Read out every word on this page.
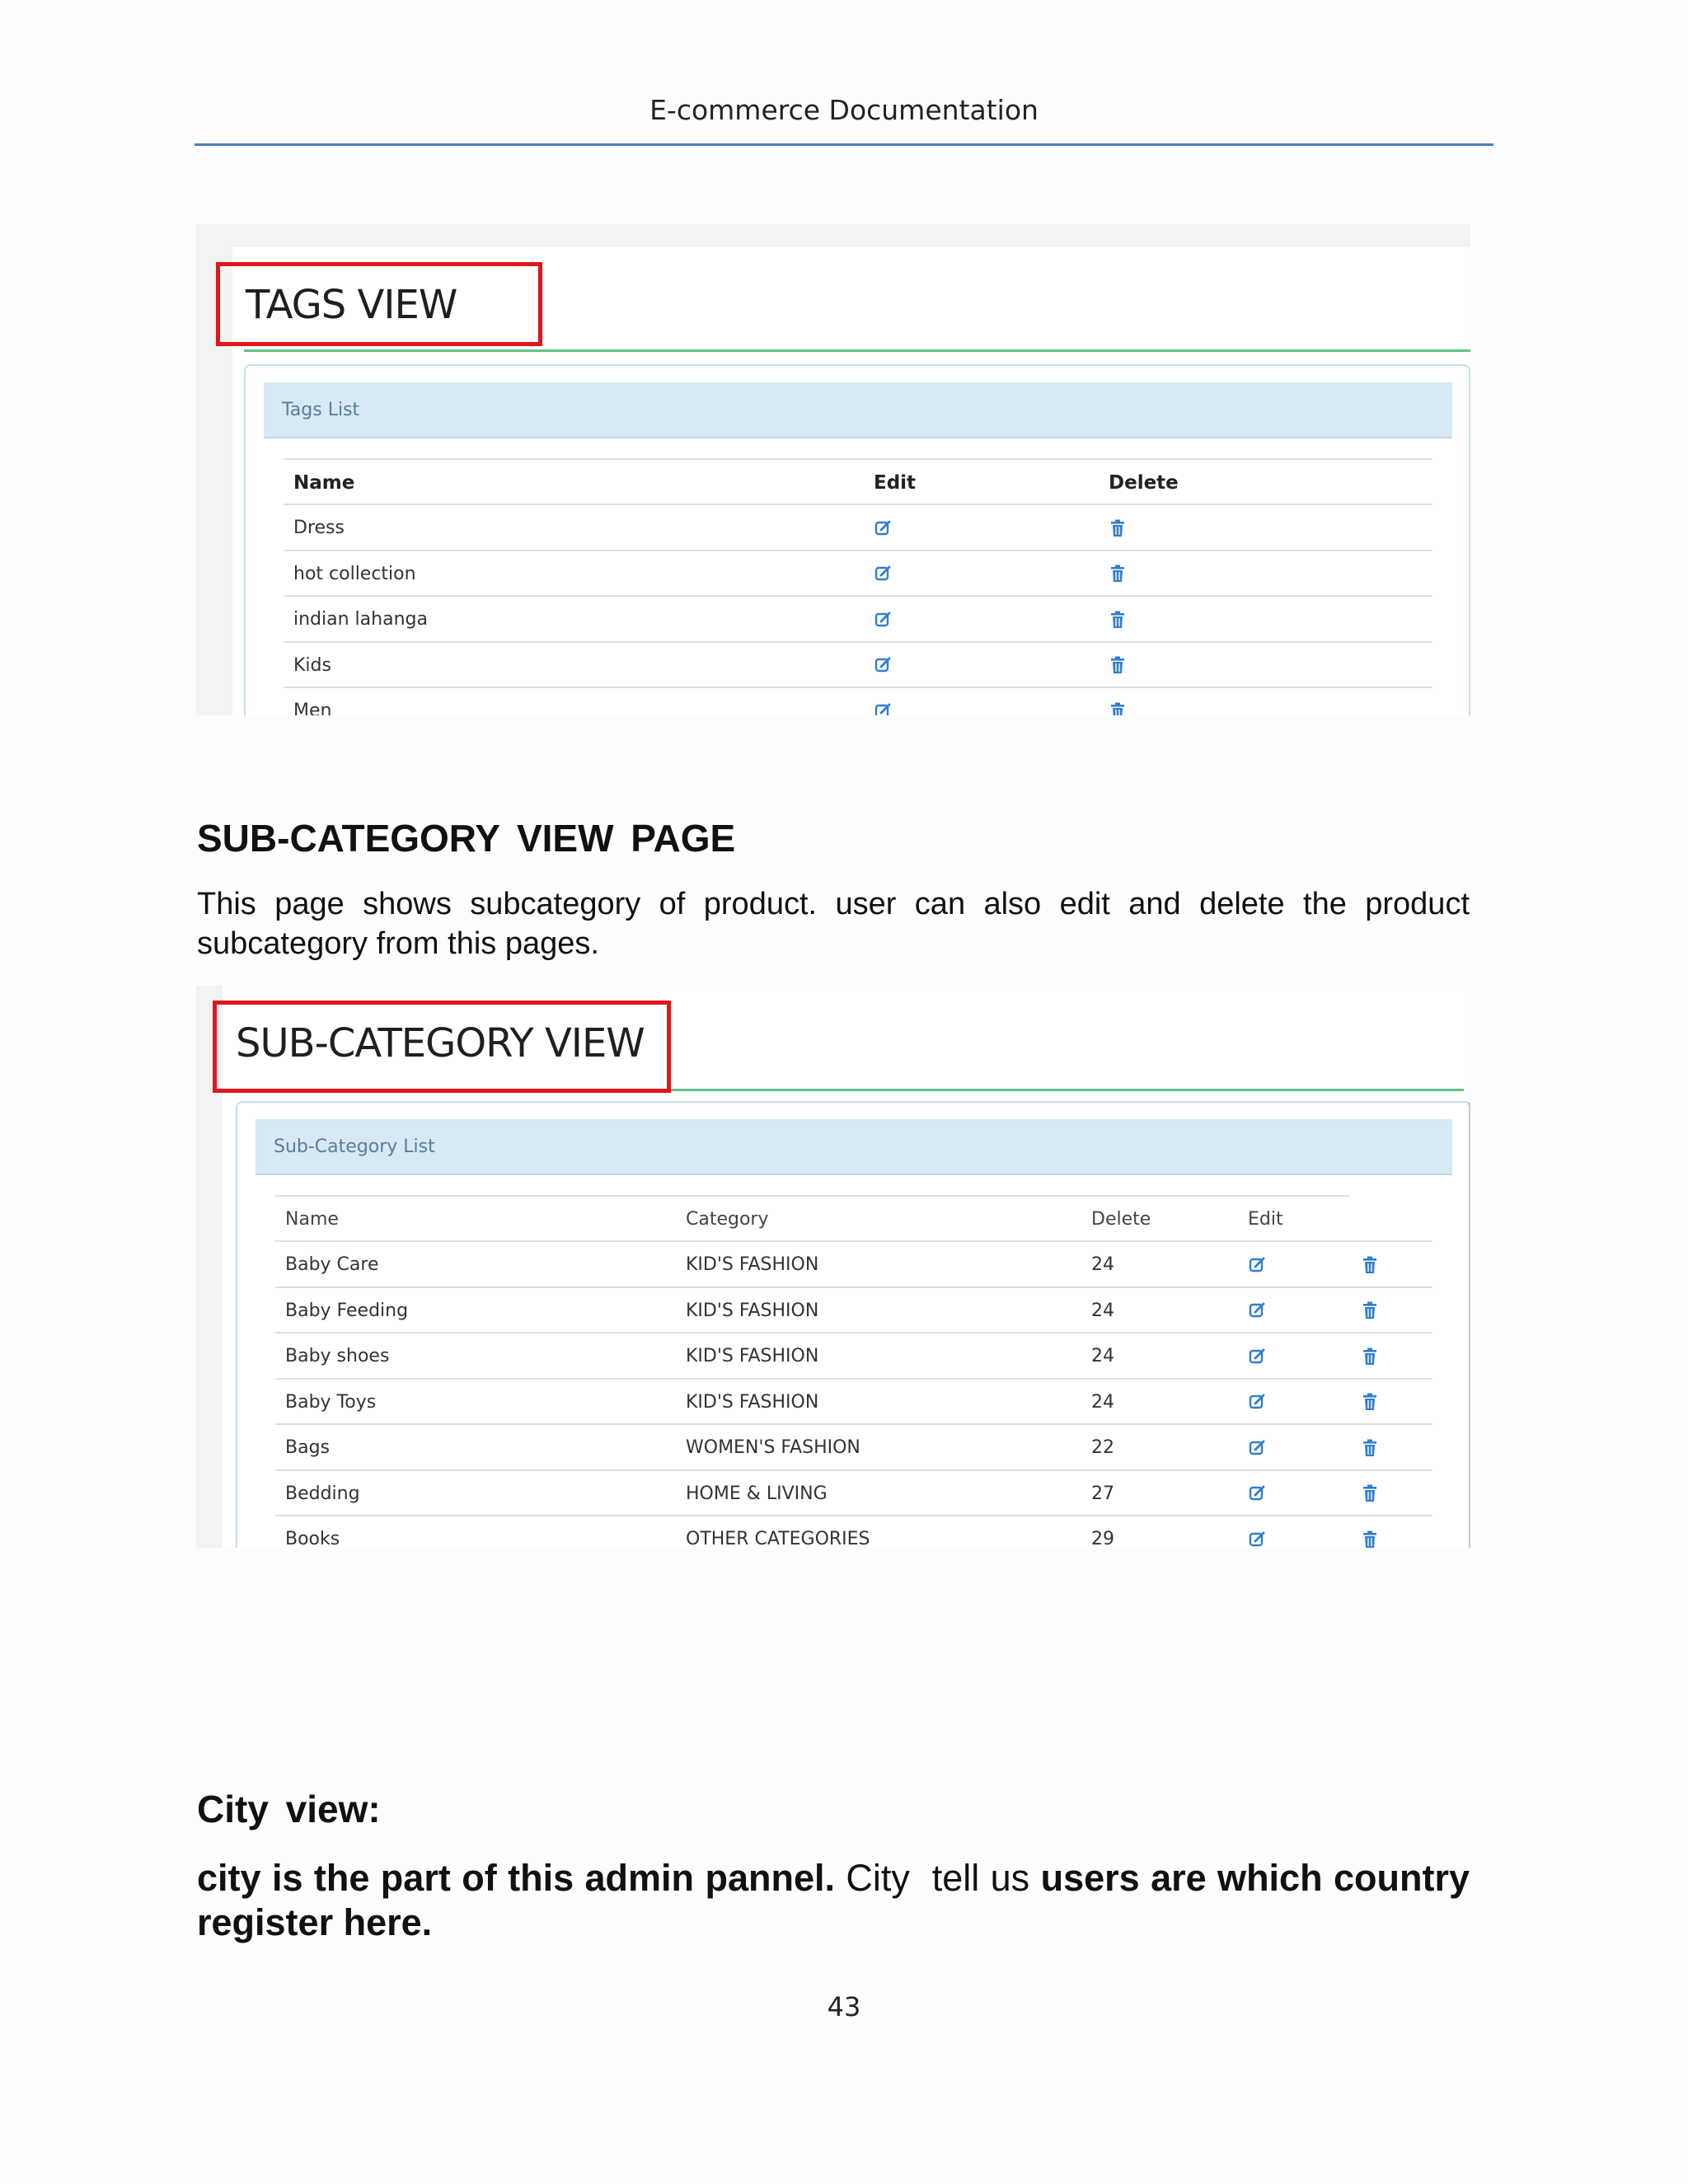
E-commerce Documentation
TAGS VIEW
Tags List
Name	Edit	Delete
Dress
hot collection
indian lahanga
Kids
Men
SUB-CATEGORY VIEW PAGE
This page shows subcategory of product. user can also edit and delete the product subcategory from this pages.
SUB-CATEGORY VIEW
Sub-Category List
Name	Category	Delete	Edit
Baby Care	KID'S FASHION	24
Baby Feeding	KID'S FASHION	24
Baby shoes	KID'S FASHION	24
Baby Toys	KID'S FASHION	24
Bags	WOMEN'S FASHION	22
Bedding	HOME & LIVING	27
Books	OTHER CATEGORIES	29
City view:
city is the part of this admin pannel. City  tell us users are which country register here.
43
